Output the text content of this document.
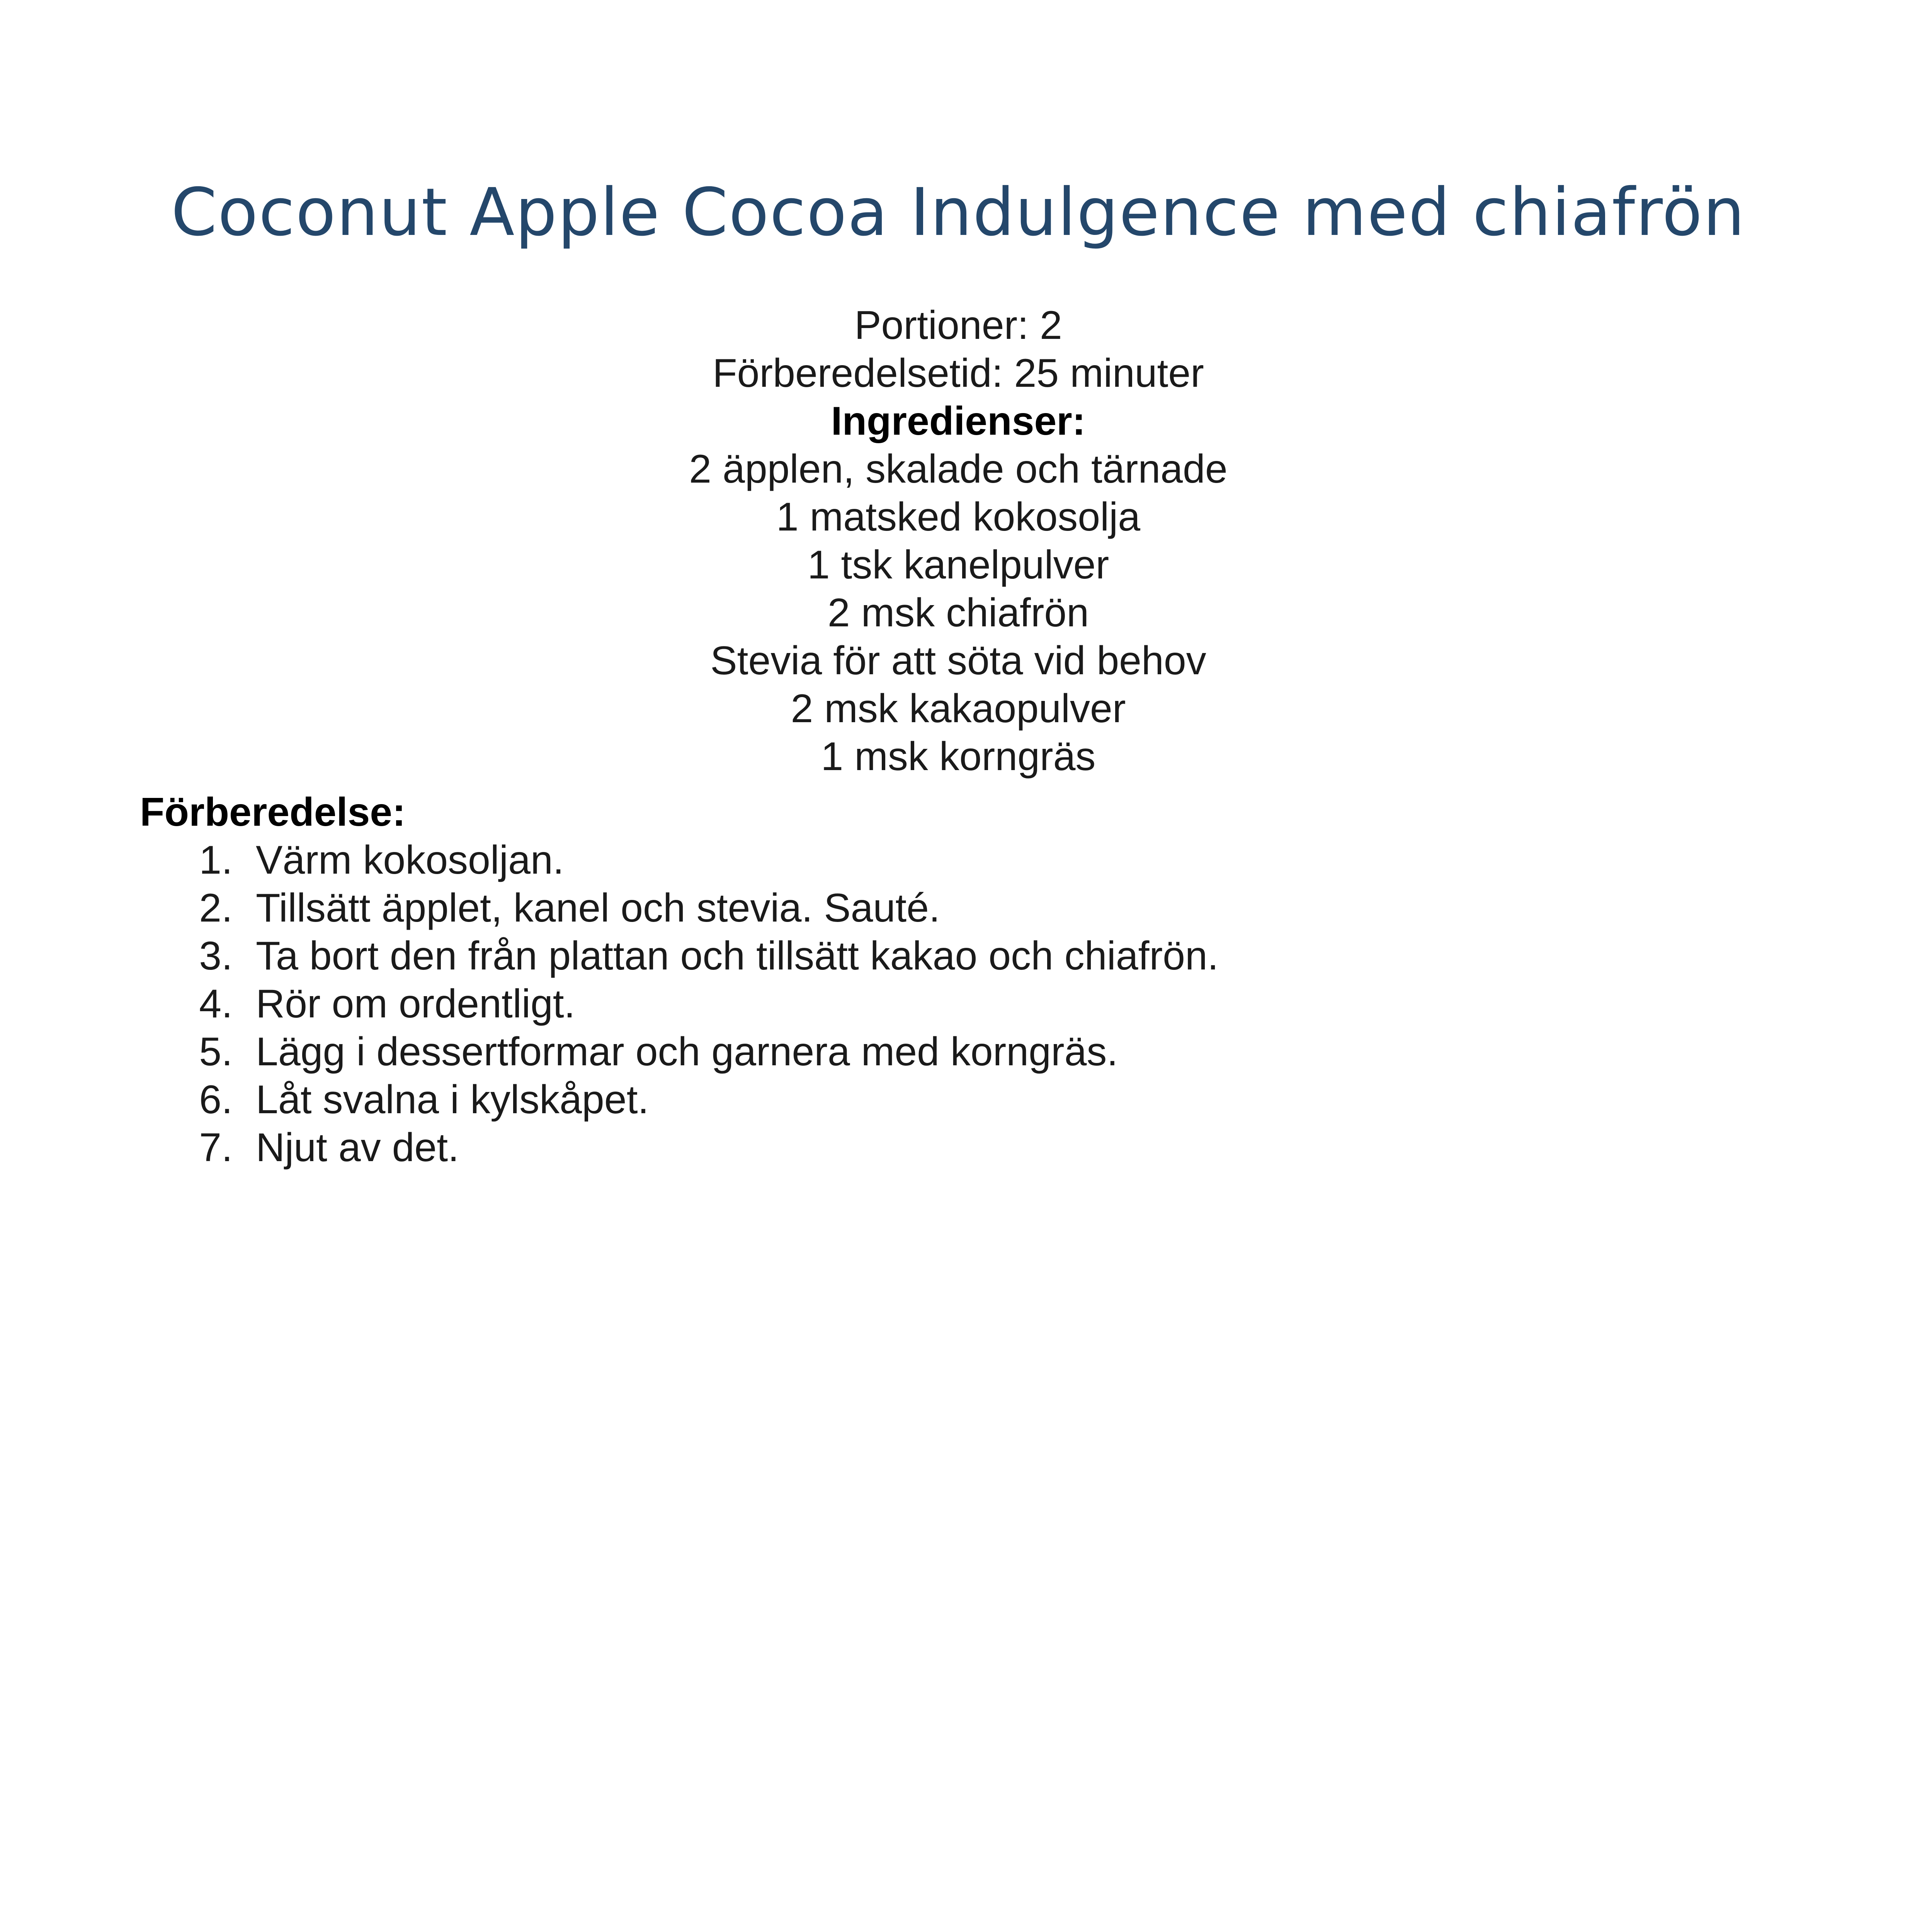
Coconut Apple Cocoa Indulgence med chiafrön
Portioner: 2
Förberedelsetid: 25 minuter
Ingredienser:
2 äpplen, skalade och tärnade
1 matsked kokosolja
1 tsk kanelpulver
2 msk chiafrön
Stevia för att söta vid behov
2 msk kakaopulver
1 msk korngräs
Förberedelse:
1. Värm kokosoljan.
2. Tillsätt äpplet, kanel och stevia. Sauté.
3. Ta bort den från plattan och tillsätt kakao och chiafrön.
4. Rör om ordentligt.
5. Lägg i dessertformar och garnera med korngräs.
6. Låt svalna i kylskåpet.
7. Njut av det.
